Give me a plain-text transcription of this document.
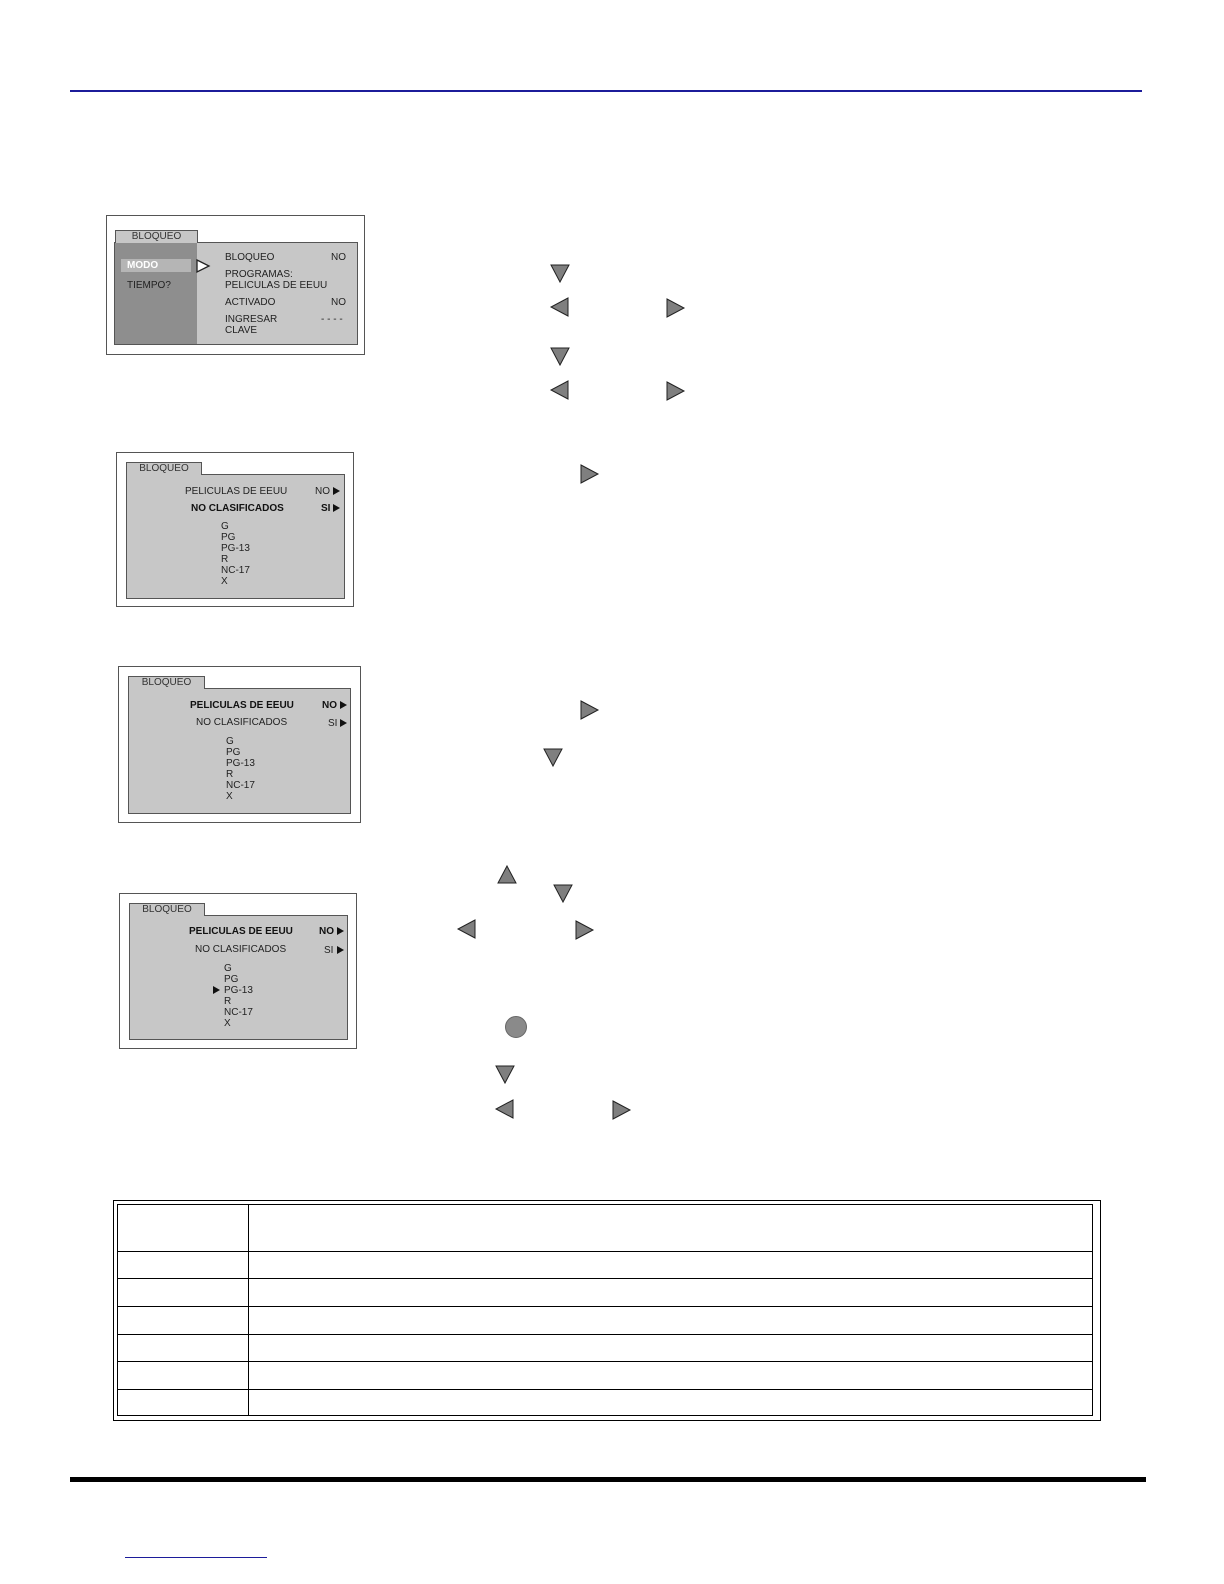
BLOQUEO
MODO
TIEMPO?
BLOQUEO	NO
PROGRAMAS:
PELICULAS DE EEUU
ACTIVADO	NO
INGRESAR	- - - -
CLAVE
BLOQUEO
PELICULAS DE EEUU	NO
NO CLASIFICADOS	SI
G
PG
PG-13
R
NC-17
X
BLOQUEO
PELICULAS DE EEUU	NO
NO CLASIFICADOS	SI
G
PG
PG-13
R
NC-17
X
BLOQUEO
PELICULAS DE EEUU	NO
NO CLASIFICADOS	SI
G
PG
PG-13
R
NC-17
X
